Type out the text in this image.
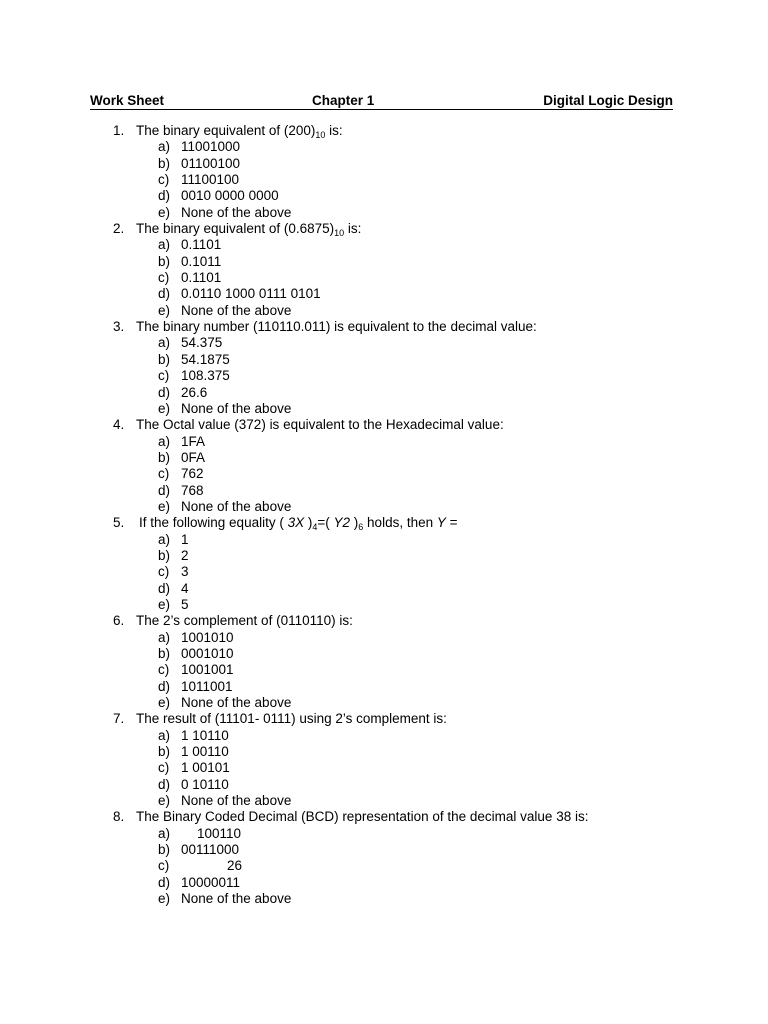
Work Sheet	Chapter 1	Digital Logic Design
1. The binary equivalent of $(200)_{10}$ is:
a) 11001000
b) 01100100
c) 11100100
d) 0010 0000 0000
e) None of the above
2. The binary equivalent of $(0.6875)_{10}$ is:
a) 0.1101
b) 0.1011
c) 0.1101
d) 0.0110 1000 0111 0101
e) None of the above
3. The binary number (110110.011) is equivalent to the decimal value:
a) 54.375
b) 54.1875
c) 108.375
d) 26.6
e) None of the above
4. The Octal value (372) is equivalent to the Hexadecimal value:
a) 1FA
b) 0FA
c) 762
d) 768
e) None of the above
5. If the following equality ( 3X )$_4=$( Y2 )$_6$ holds, then Y =
a) 1
b) 2
c) 3
d) 4
e) 5
6. The 2’s complement of (0110110) is:
a) 1001010
b) 0001010
c) 1001001
d) 1011001
e) None of the above
7. The result of (11101- 0111) using 2’s complement is:
a) 1 10110
b) 1 00110
c) 1 00101
d) 0 10110
e) None of the above
8. The Binary Coded Decimal (BCD) representation of the decimal value 38 is:
a) 100110
b) 00111000
c)	26
d) 10000011
e) None of the above
